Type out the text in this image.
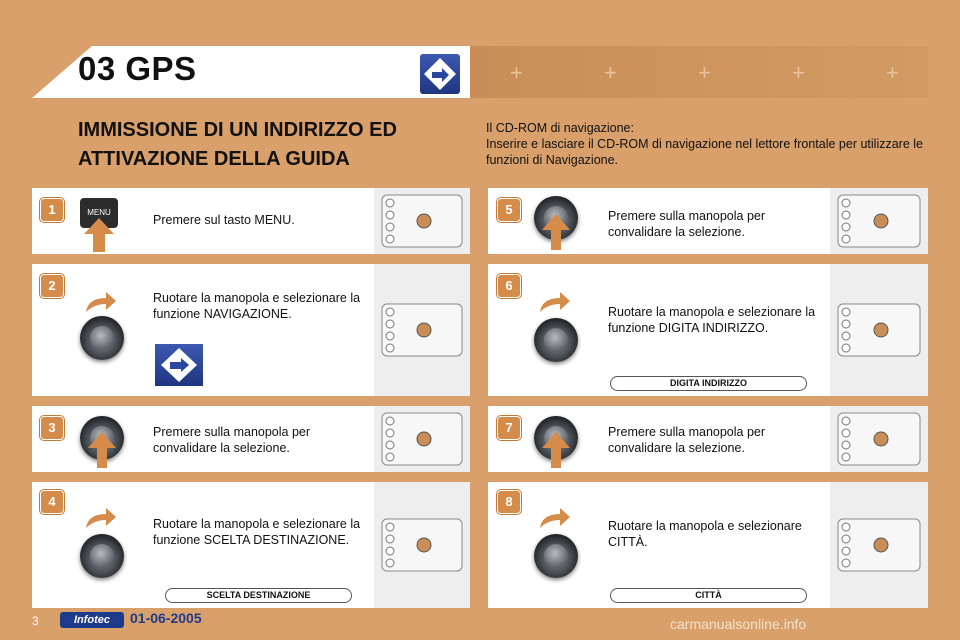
03 GPS	+	+	+	+	+
IMMISSIONE DI UN INDIRIZZO ED
ATTIVAZIONE DELLA GUIDA
Il CD-ROM di navigazione:
Inserire e lasciare il CD-ROM di navigazione nel lettore frontale per utilizzare le funzioni di Navigazione.
1	MENU
Premere sul tasto MENU.
2
Ruotare la manopola e selezionare la funzione NAVIGAZIONE.
3	Premere sulla manopola per convalidare la selezione.
4
Ruotare la manopola e selezionare la funzione SCELTA DESTINAZIONE.
SCELTA DESTINAZIONE
5	Premere sulla manopola per convalidare la selezione.
6
Ruotare la manopola e selezionare la funzione DIGITA INDIRIZZO.
DIGITA INDIRIZZO
7	Premere sulla manopola per convalidare la selezione.
8
Ruotare la manopola e selezionare CITTÀ.
CITTÀ
3	Infotec	01-06-2005	carmanualsonline.info
